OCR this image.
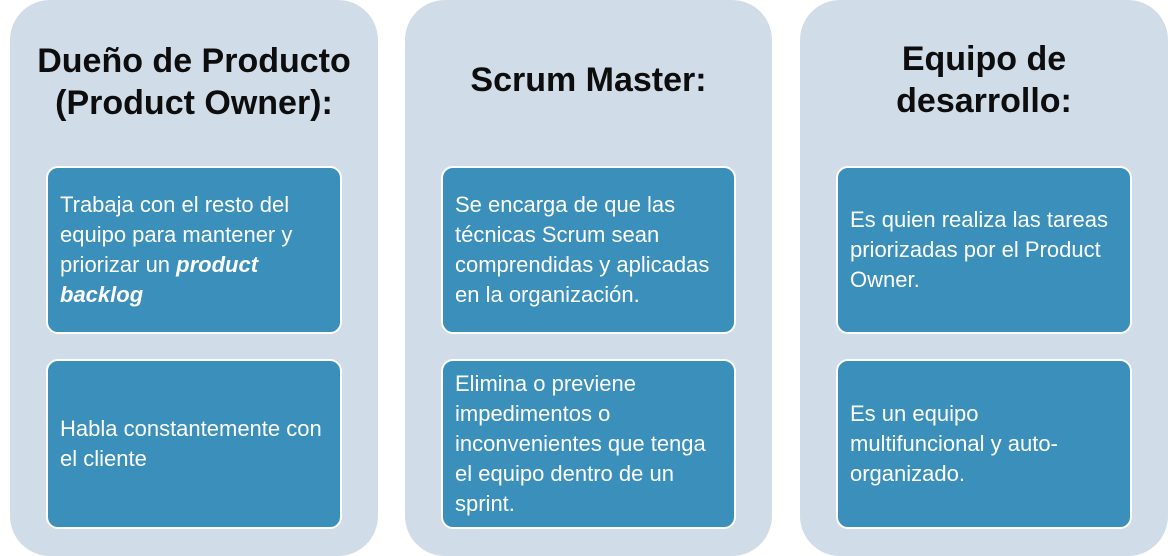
Dueño de Producto
(Product Owner):
Trabaja con el resto del equipo para mantener y priorizar un product backlog
Habla constantemente con el cliente
Scrum Master:
Se encarga de que las técnicas Scrum sean comprendidas y aplicadas en la organización.
Elimina o previene impedimentos o inconvenientes que tenga el equipo dentro de un sprint.
Equipo de
desarrollo:
Es quien realiza las tareas priorizadas por el Product Owner.
Es un equipo multifuncional y auto-organizado.
